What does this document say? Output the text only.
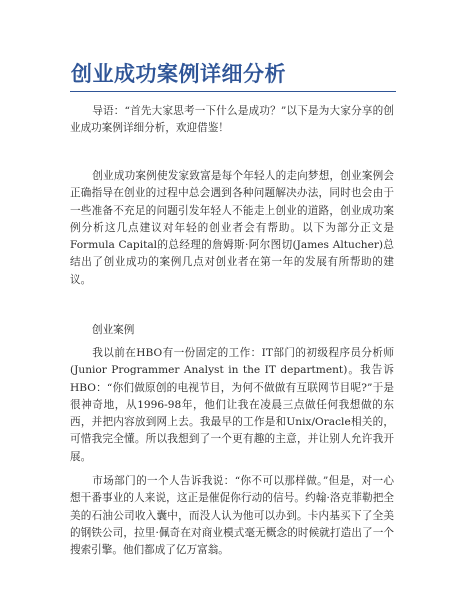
创业成功案例详细分析

导语：“首先大家思考一下什么是成功？”以下是为大家分享的创业成功案例详细分析，欢迎借鉴！

创业成功案例使发家致富是每个年轻人的走向梦想，创业案例会正确指导在创业的过程中总会遇到各种问题解决办法，同时也会由于一些准备不充足的问题引发年轻人不能走上创业的道路，创业成功案例分析这几点建议对年轻的创业者会有帮助。以下为部分正文是Formula Capital的总经理的詹姆斯·阿尔图切(James Altucher)总结出了创业成功的案例几点对创业者在第一年的发展有所帮助的建议。

创业案例

我以前在HBO有一份固定的工作：IT部门的初级程序员分析师(Junior Programmer Analyst in the IT department)。我告诉HBO：“你们做原创的电视节目，为何不做做有互联网节目呢?”于是很神奇地，从1996-98年，他们让我在凌晨三点做任何我想做的东西，并把内容放到网上去。我最早的工作是和Unix/Oracle相关的，可惜我完全懂。所以我想到了一个更有趣的主意，并让别人允许我开展。

市场部门的一个人告诉我说：“你不可以那样做。”但是，对一心想干番事业的人来说，这正是催促你行动的信号。约翰·洛克菲勒把全美的石油公司收入囊中，而没人认为他可以办到。卡内基买下了全美的钢铁公司，拉里·佩奇在对商业模式毫无概念的时候就打造出了一个搜索引擎。他们都成了亿万富翁。
